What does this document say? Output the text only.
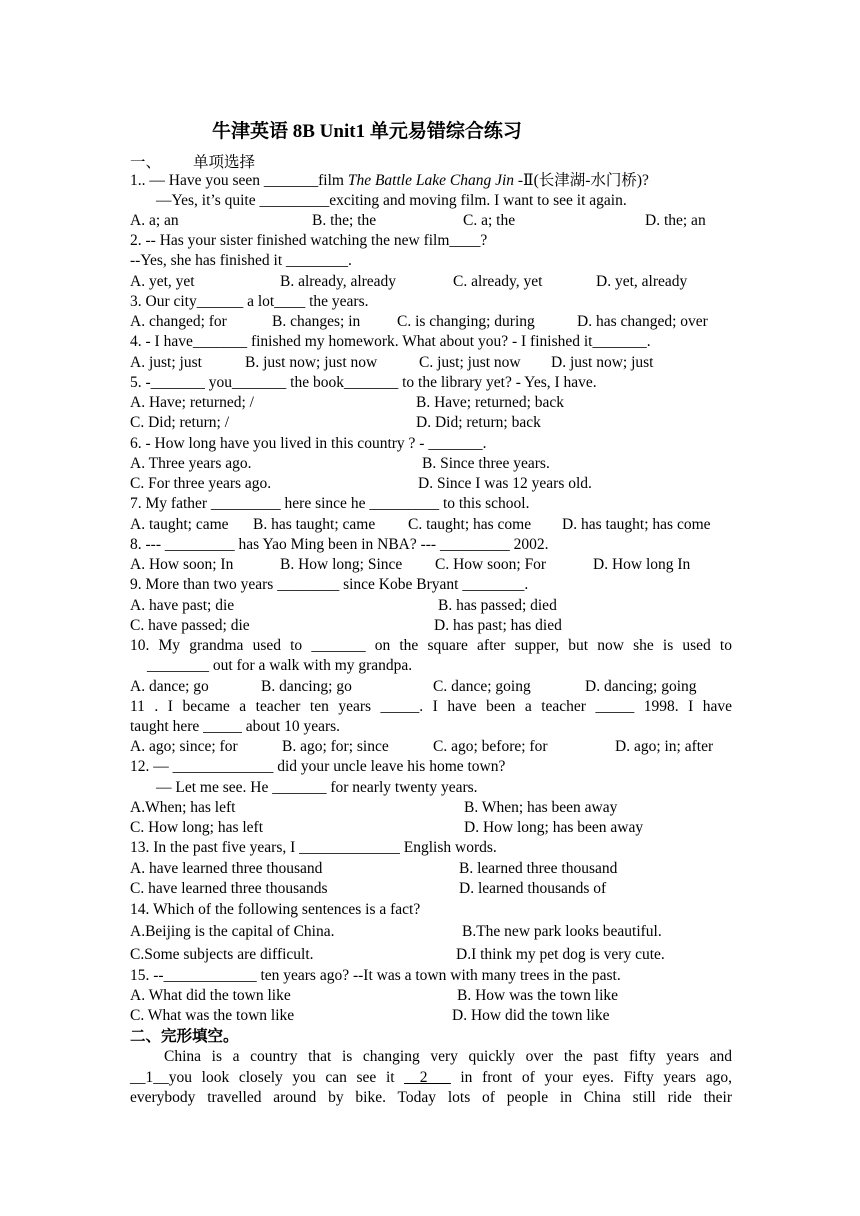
牛津英语 8B Unit1 单元易错综合练习
一、 单项选择
1.. — Have you seen _______film The Battle Lake Chang Jin -Ⅱ(长津湖-水门桥)?
—Yes, it’s quite _________exciting and moving film. I want to see it again.
A. a; an	B. the; the	C. a; the	D. the; an
2. -- Has your sister finished watching the new film____?
--Yes, she has finished it ________.
A. yet, yet	B. already, already	C. already, yet	D. yet, already
3. Our city______ a lot____ the years.
A. changed; for	B. changes; in C. is changing; during	D. has changed; over
4. - I have_______ finished my homework. What about you? - I finished it_______.
A. just; just	B. just now; just now	C. just; just now D. just now; just
5. -_______ you_______ the book_______ to the library yet? - Yes, I have.
A. Have; returned; /	B. Have; returned; back
C. Did; return; /	D. Did; return; back
6. - How long have you lived in this country ? - _______.
A. Three years ago.	B. Since three years.
C. For three years ago.	D. Since I was 12 years old.
7. My father _________ here since he _________ to this school.
A. taught; came B. has taught; came C. taught; has come D. has taught; has come
8. --- _________ has Yao Ming been in NBA? --- _________ 2002.
A. How soon; In	B. How long; Since C. How soon; For	D. How long In
9. More than two years ________ since Kobe Bryant ________.
A. have past; die	B. has passed; died
C. have passed; die	D. has past; has died
10. My grandma used to _______ on the square after supper, but now she is used to
________ out for a walk with my grandpa.
A. dance; go	B. dancing; go	C. dance; going	D. dancing; going
11 . I became a teacher ten years _____. I have been a teacher _____ 1998. I have
taught here _____ about 10 years.
A. ago; since; for	B. ago; for; since	C. ago; before; for	D. ago; in; after
12. — _____________ did your uncle leave his home town?
— Let me see. He _______ for nearly twenty years.
A.When; has left	B. When; has been away
C. How long; has left	D. How long; has been away
13. In the past five years, I _____________ English words.
A. have learned three thousand	B. learned three thousand
C. have learned three thousands	D. learned thousands of
14. Which of the following sentences is a fact?
A.Beijing is the capital of China.	B.The new park looks beautiful.
C.Some subjects are difficult.	D.I think my pet dog is very cute.
15. --____________ ten years ago? --It was a town with many trees in the past.
A. What did the town like	B. How was the town like
C. What was the town like	D. How did the town like
二、完形填空。
China is a country that is changing very quickly over the past fifty years and
__1__you look closely you can see it __2___ in front of your eyes. Fifty years ago,
everybody travelled around by bike. Today lots of people in China still ride their
